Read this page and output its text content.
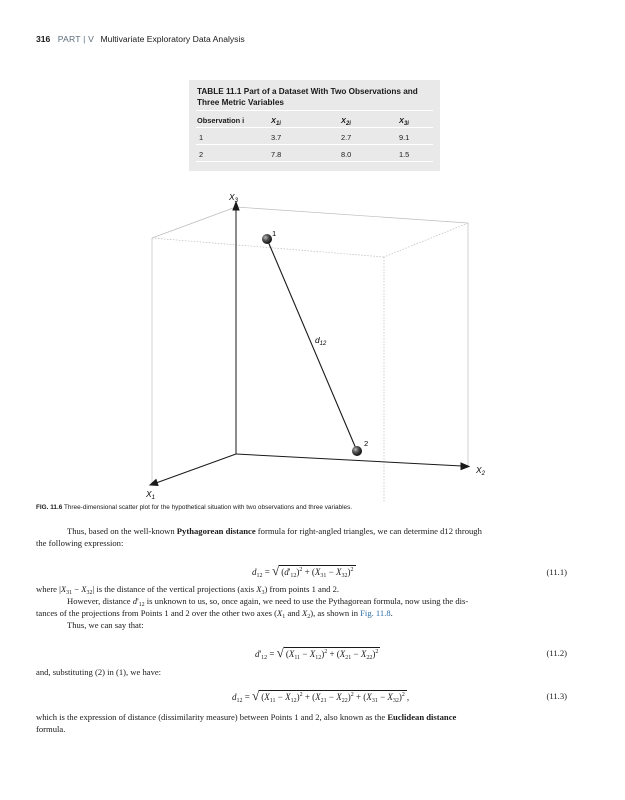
316 PART | V Multivariate Exploratory Data Analysis
TABLE 11.1 Part of a Dataset With Two Observations and Three Metric Variables
Observation i	$X_{1i}$	$X_{2i}$	$X_{3i}$
1	3.7	2.7	9.1
2	7.8	8.0	1.5
$X_3$
$X_2$
$X_1$
$d_{12}$
1
2
FIG. 11.6 Three-dimensional scatter plot for the hypothetical situation with two observations and three variables.
Thus, based on the well-known Pythagorean distance formula for right-angled triangles, we can determine d12 through
the following expression:
$d_{12} = √(d'_{12})^2 + (X_{31} - X_{32})^2$	(11.1)
where $|X_{31} - X_{32}|$ is the distance of the vertical projections (axis $X_3$) from points 1 and 2.
However, distance $d'_{12}$ is unknown to us, so, once again, we need to use the Pythagorean formula, now using the dis-
tances of the projections from Points 1 and 2 over the other two axes ($X_1$ and $X_2$), as shown in Fig. 11.8.
Thus, we can say that:
$d'_{12} = √(X_{11} - X_{12})^2 + (X_{21} - X_{22})^2$	(11.2)
and, substituting (2) in (1), we have:
$d_{12} = √(X_{11} - X_{12})^2 + (X_{21} - X_{22})^2 + (X_{31} - X_{32})^2$ ,	(11.3)
which is the expression of distance (dissimilarity measure) between Points 1 and 2, also known as the Euclidean distance
formula.
